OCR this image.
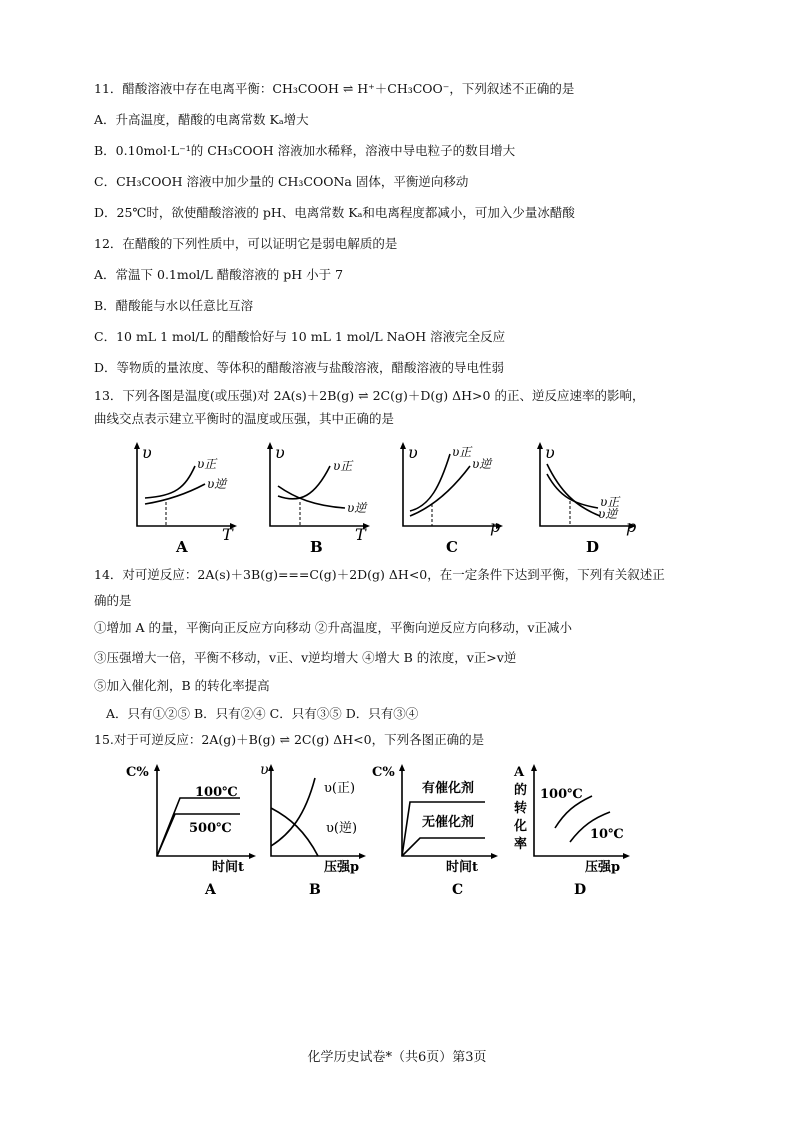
11．醋酸溶液中存在电离平衡：CH₃COOH ⇌ H⁺＋CH₃COO⁻，下列叙述不正确的是
A．升高温度，醋酸的电离常数 Kₐ增大
B．0.10mol·L⁻¹的 CH₃COOH 溶液加水稀释，溶液中导电粒子的数目增大
C．CH₃COOH 溶液中加少量的 CH₃COONa 固体，平衡逆向移动
D．25℃时，欲使醋酸溶液的 pH、电离常数 Kₐ和电离程度都减小，可加入少量冰醋酸
12．在醋酸的下列性质中，可以证明它是弱电解质的是
A．常温下 0.1mol/L 醋酸溶液的 pH 小于 7
B．醋酸能与水以任意比互溶
C．10 mL 1 mol/L 的醋酸恰好与 10 mL 1 mol/L NaOH 溶液完全反应
D．等物质的量浓度、等体积的醋酸溶液与盐酸溶液，醋酸溶液的导电性弱
13．下列各图是温度(或压强)对 2A(s)＋2B(g) ⇌ 2C(g)＋D(g) ΔH>0 的正、逆反应速率的影响，
曲线交点表示建立平衡时的温度或压强，其中正确的是
υ
T
υ正
υ逆
A
υ
T
υ正
υ逆
B
υ
p
υ正
υ逆
C
υ
p
υ正
υ逆
D
14．对可逆反应：2A(s)＋3B(g)===C(g)＋2D(g) ΔH<0，在一定条件下达到平衡，下列有关叙述正
确的是
①增加 A 的量，平衡向正反应方向移动 ②升高温度，平衡向逆反应方向移动，v正减小
③压强增大一倍，平衡不移动，v正、v逆均增大 ④增大 B 的浓度，v正>v逆
⑤加入催化剂，B 的转化率提高
A．只有①②⑤ B．只有②④ C．只有③⑤ D．只有③④
15.对于可逆反应：2A(g)＋B(g) ⇌ 2C(g) ΔH<0，下列各图正确的是
C%
100℃
500℃
时间t
A
υ
υ(正)
υ(逆)
压强p
B
C%
有催化剂
无催化剂
时间t
C
A
的
转
化
率
100℃
10℃
压强p
D
化学历史试卷*（共6页）第3页
